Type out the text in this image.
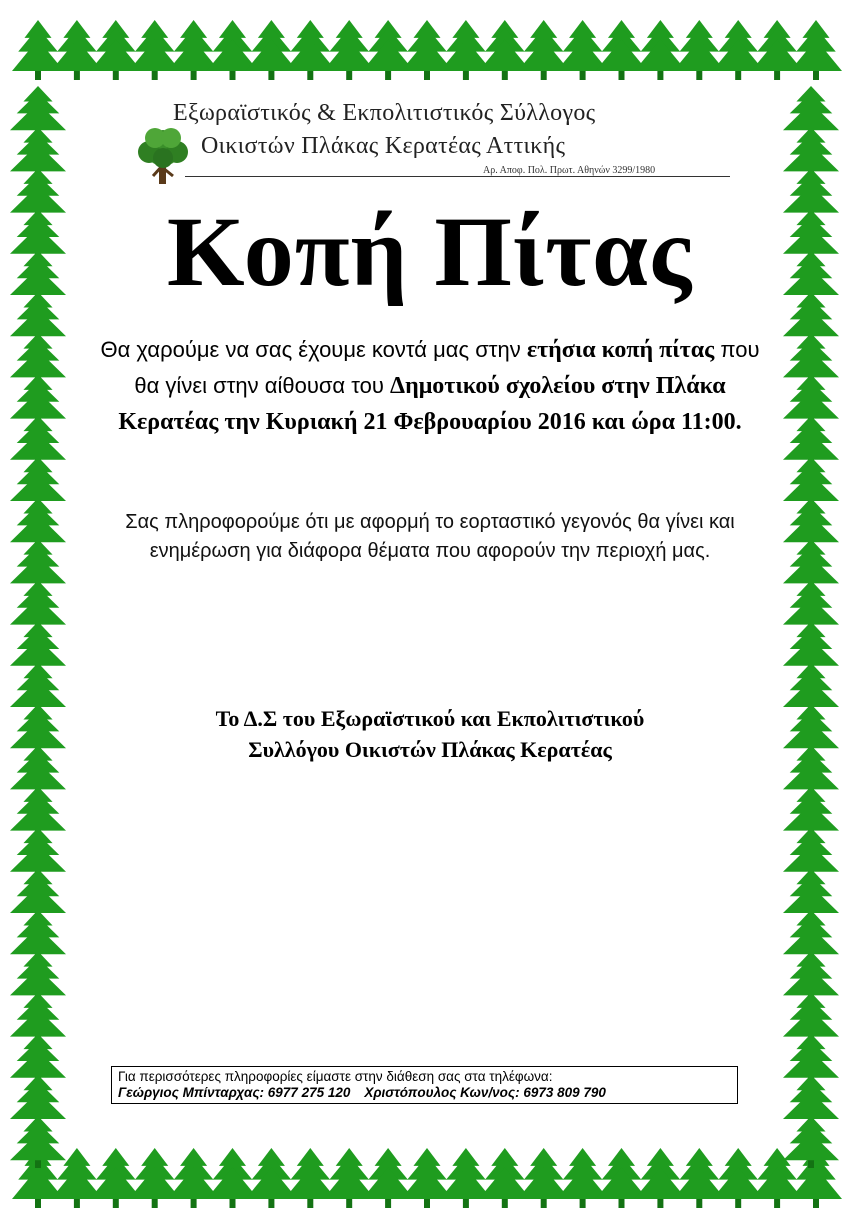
Εξωραϊστικός & Εκπολιτιστικός Σύλλογος
Οικιστών Πλάκας Κερατέας Αττικής
Αρ. Αποφ. Πολ. Πρωτ. Αθηνών 3299/1980
Κοπή Πίτας
Θα χαρούμε να σας έχουμε κοντά μας στην ετήσια κοπή πίτας που θα γίνει στην αίθουσα του Δημοτικού σχολείου στην Πλάκα Κερατέας την Κυριακή 21 Φεβρουαρίου 2016 και ώρα 11:00.
Σας πληροφορούμε ότι με αφορμή το εορταστικό γεγονός θα γίνει και ενημέρωση για διάφορα θέματα που αφορούν την περιοχή μας.
Το Δ.Σ του Εξωραϊστικού και Εκπολιτιστικού
Συλλόγου Οικιστών Πλάκας Κερατέας
Για περισσότερες πληροφορίες είμαστε στην διάθεση σας στα τηλέφωνα:
Γεώργιος Μπίνταρχας: 6977 275 120 Χριστόπουλος Κων/νος: 6973 809 790
